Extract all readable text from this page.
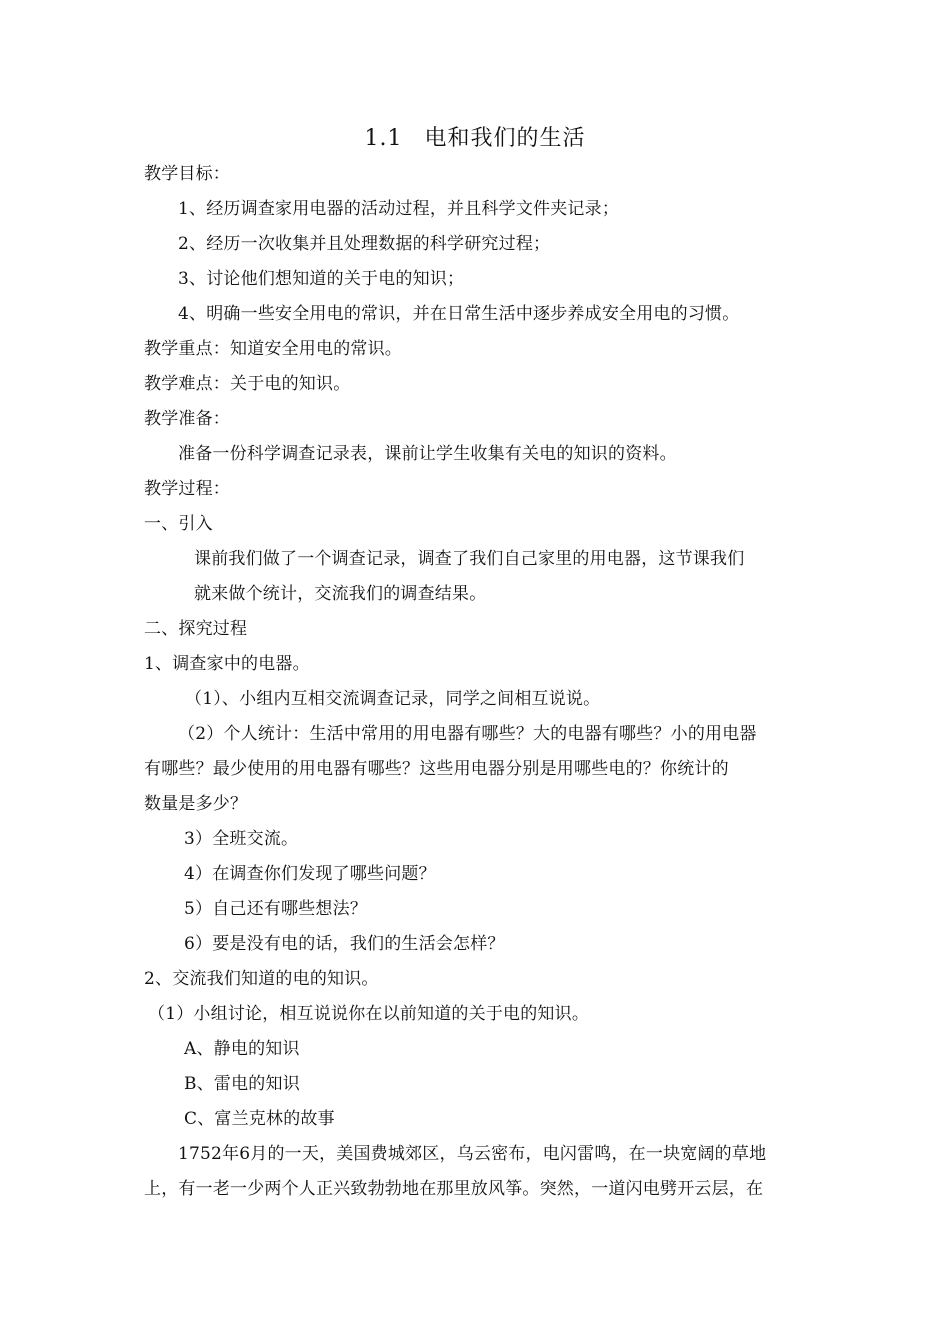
1.1 电和我们的生活
教学目标：
1、经历调查家用电器的活动过程，并且科学文件夹记录；
2、经历一次收集并且处理数据的科学研究过程；
3、讨论他们想知道的关于电的知识；
4、明确一些安全用电的常识，并在日常生活中逐步养成安全用电的习惯。
教学重点：知道安全用电的常识。
教学难点：关于电的知识。
教学准备：
准备一份科学调查记录表，课前让学生收集有关电的知识的资料。
教学过程：
一、引入
课前我们做了一个调查记录，调查了我们自己家里的用电器，这节课我们
就来做个统计，交流我们的调查结果。
二、探究过程
1、调查家中的电器。
（1）、小组内互相交流调查记录，同学之间相互说说。
（2）个人统计：生活中常用的用电器有哪些？大的电器有哪些？小的用电器
有哪些？最少使用的用电器有哪些？这些用电器分别是用哪些电的？你统计的
数量是多少？
3）全班交流。
4）在调查你们发现了哪些问题？
5）自己还有哪些想法？
6）要是没有电的话，我们的生活会怎样？
2、交流我们知道的电的知识。
（1）小组讨论，相互说说你在以前知道的关于电的知识。
A、静电的知识
B、雷电的知识
C、富兰克林的故事
1752年6月的一天，美国费城郊区，乌云密布，电闪雷鸣，在一块宽阔的草地
上，有一老一少两个人正兴致勃勃地在那里放风筝。突然，一道闪电劈开云层，在
